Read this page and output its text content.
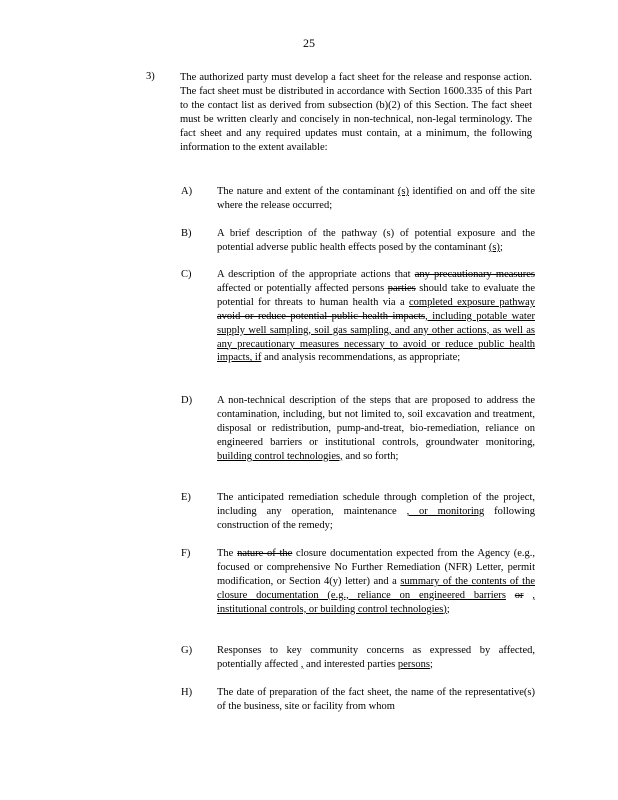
25
3) The authorized party must develop a fact sheet for the release and response action. The fact sheet must be distributed in accordance with Section 1600.335 of this Part to the contact list as derived from subsection (b)(2) of this Section. The fact sheet must be written clearly and concisely in non-technical, non-legal terminology. The fact sheet and any required updates must contain, at a minimum, the following information to the extent available:
A) The nature and extent of the contaminant (s) identified on and off the site where the release occurred;
B) A brief description of the pathway (s) of potential exposure and the potential adverse public health effects posed by the contaminant (s);
C) A description of the appropriate actions that any precautionary measures affected or potentially affected persons parties should take to evaluate the potential for threats to human health via a completed exposure pathway avoid or reduce potential public health impacts, including potable water supply well sampling, soil gas sampling, and any other actions, as well as any precautionary measures necessary to avoid or reduce public health impacts, if and analysis recommendations, as appropriate;
D) A non-technical description of the steps that are proposed to address the contamination, including, but not limited to, soil excavation and treatment, disposal or redistribution, pump-and-treat, bio-remediation, reliance on engineered barriers or institutional controls, groundwater monitoring, building control technologies, and so forth;
E) The anticipated remediation schedule through completion of the project, including any operation, maintenance , or monitoring following construction of the remedy;
F)	The nature of the closure documentation expected from the Agency (e.g., focused or comprehensive No Further Remediation (NFR) Letter, permit modification, or Section 4(y) letter) and a summary of the contents of the closure documentation (e.g., reliance on engineered barriers or , institutional controls, or building control technologies);
G) Responses to key community concerns as expressed by affected, potentially affected , and interested parties persons;
H) The date of preparation of the fact sheet, the name of the representative(s) of the business, site or facility from whom
